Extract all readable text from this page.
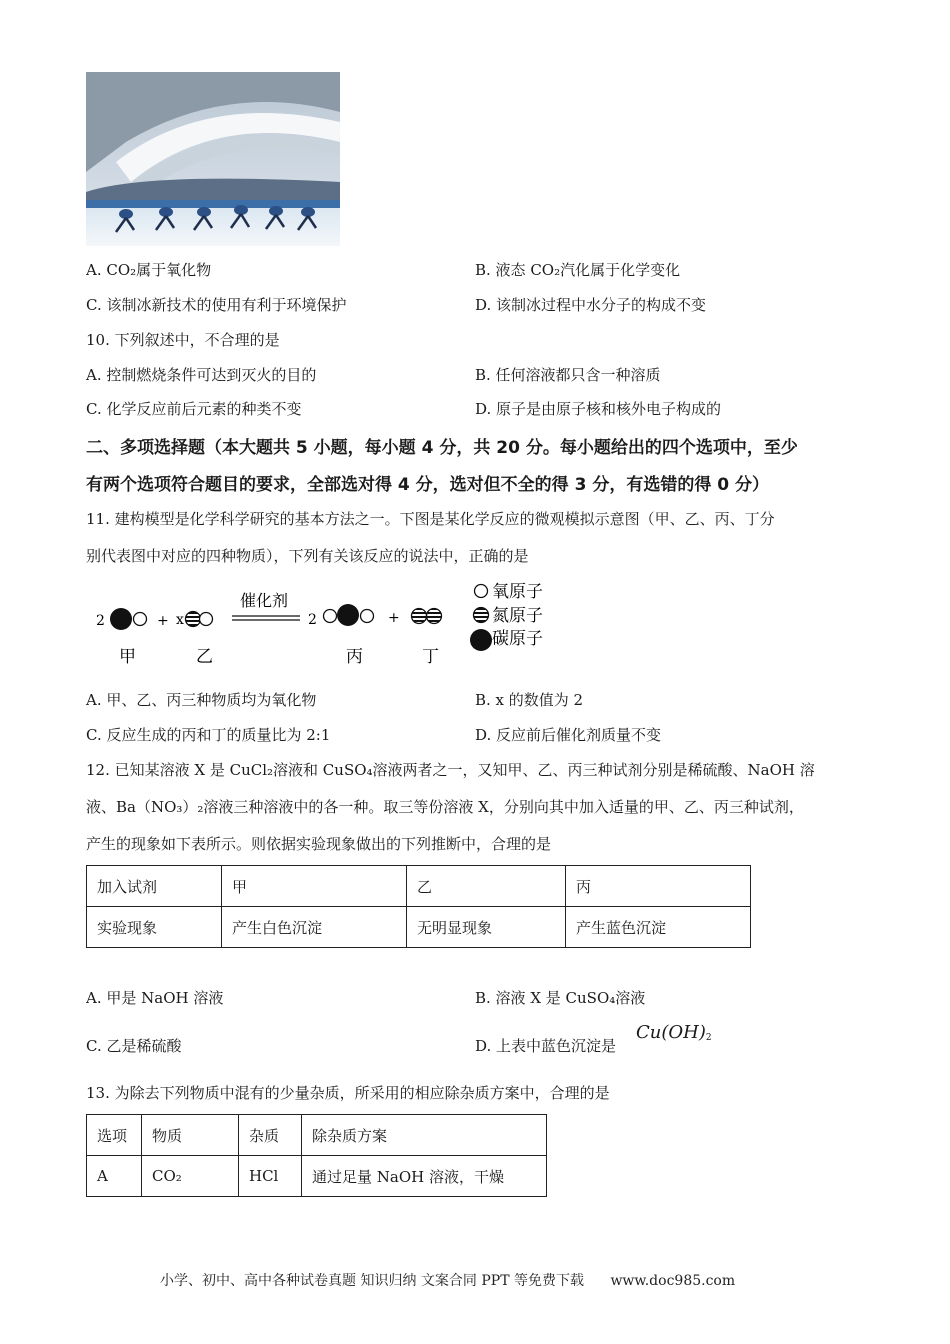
A. CO₂属于氧化物	B. 液态 CO₂汽化属于化学变化
C. 该制冰新技术的使用有利于环境保护	D. 该制冰过程中水分子的构成不变
10. 下列叙述中，不合理的是
A. 控制燃烧条件可达到灭火的目的	B. 任何溶液都只含一种溶质
C. 化学反应前后元素的种类不变	D. 原子是由原子核和核外电子构成的
二、多项选择题（本大题共 5 小题，每小题 4 分，共 20 分。每小题给出的四个选项中，至少
有两个选项符合题目的要求，全部选对得 4 分，选对但不全的得 3 分，有选错的得 0 分）
11. 建构模型是化学科学研究的基本方法之一。下图是某化学反应的微观模拟示意图（甲、乙、丙、丁分
别代表图中对应的四种物质），下列有关该反应的说法中，正确的是
2	+ x
催化剂
2	+
氧原子
氮原子
碳原子
甲	乙	丙	丁
A. 甲、乙、丙三种物质均为氧化物	B. x 的数值为 2
C. 反应生成的丙和丁的质量比为 2:1	D. 反应前后催化剂质量不变
12. 已知某溶液 X 是 CuCl₂溶液和 CuSO₄溶液两者之一，又知甲、乙、丙三种试剂分别是稀硫酸、NaOH 溶
液、Ba（NO₃）₂溶液三种溶液中的各一种。取三等份溶液 X，分别向其中加入适量的甲、乙、丙三种试剂，
产生的现象如下表所示。则依据实验现象做出的下列推断中，合理的是
加入试剂	甲	乙	丙
实验现象	产生白色沉淀	无明显现象	产生蓝色沉淀
A. 甲是 NaOH 溶液	B. 溶液 X 是 CuSO₄溶液
C. 乙是稀硫酸	D. 上表中蓝色沉淀是
$Cu(OH)_2$
13. 为除去下列物质中混有的少量杂质，所采用的相应除杂质方案中，合理的是
选项	物质	杂质	除杂质方案
A	CO₂	HCl	通过足量 NaOH 溶液，干燥
小学、初中、高中各种试卷真题 知识归纳 文案合同 PPT 等免费下载 www.doc985.com
